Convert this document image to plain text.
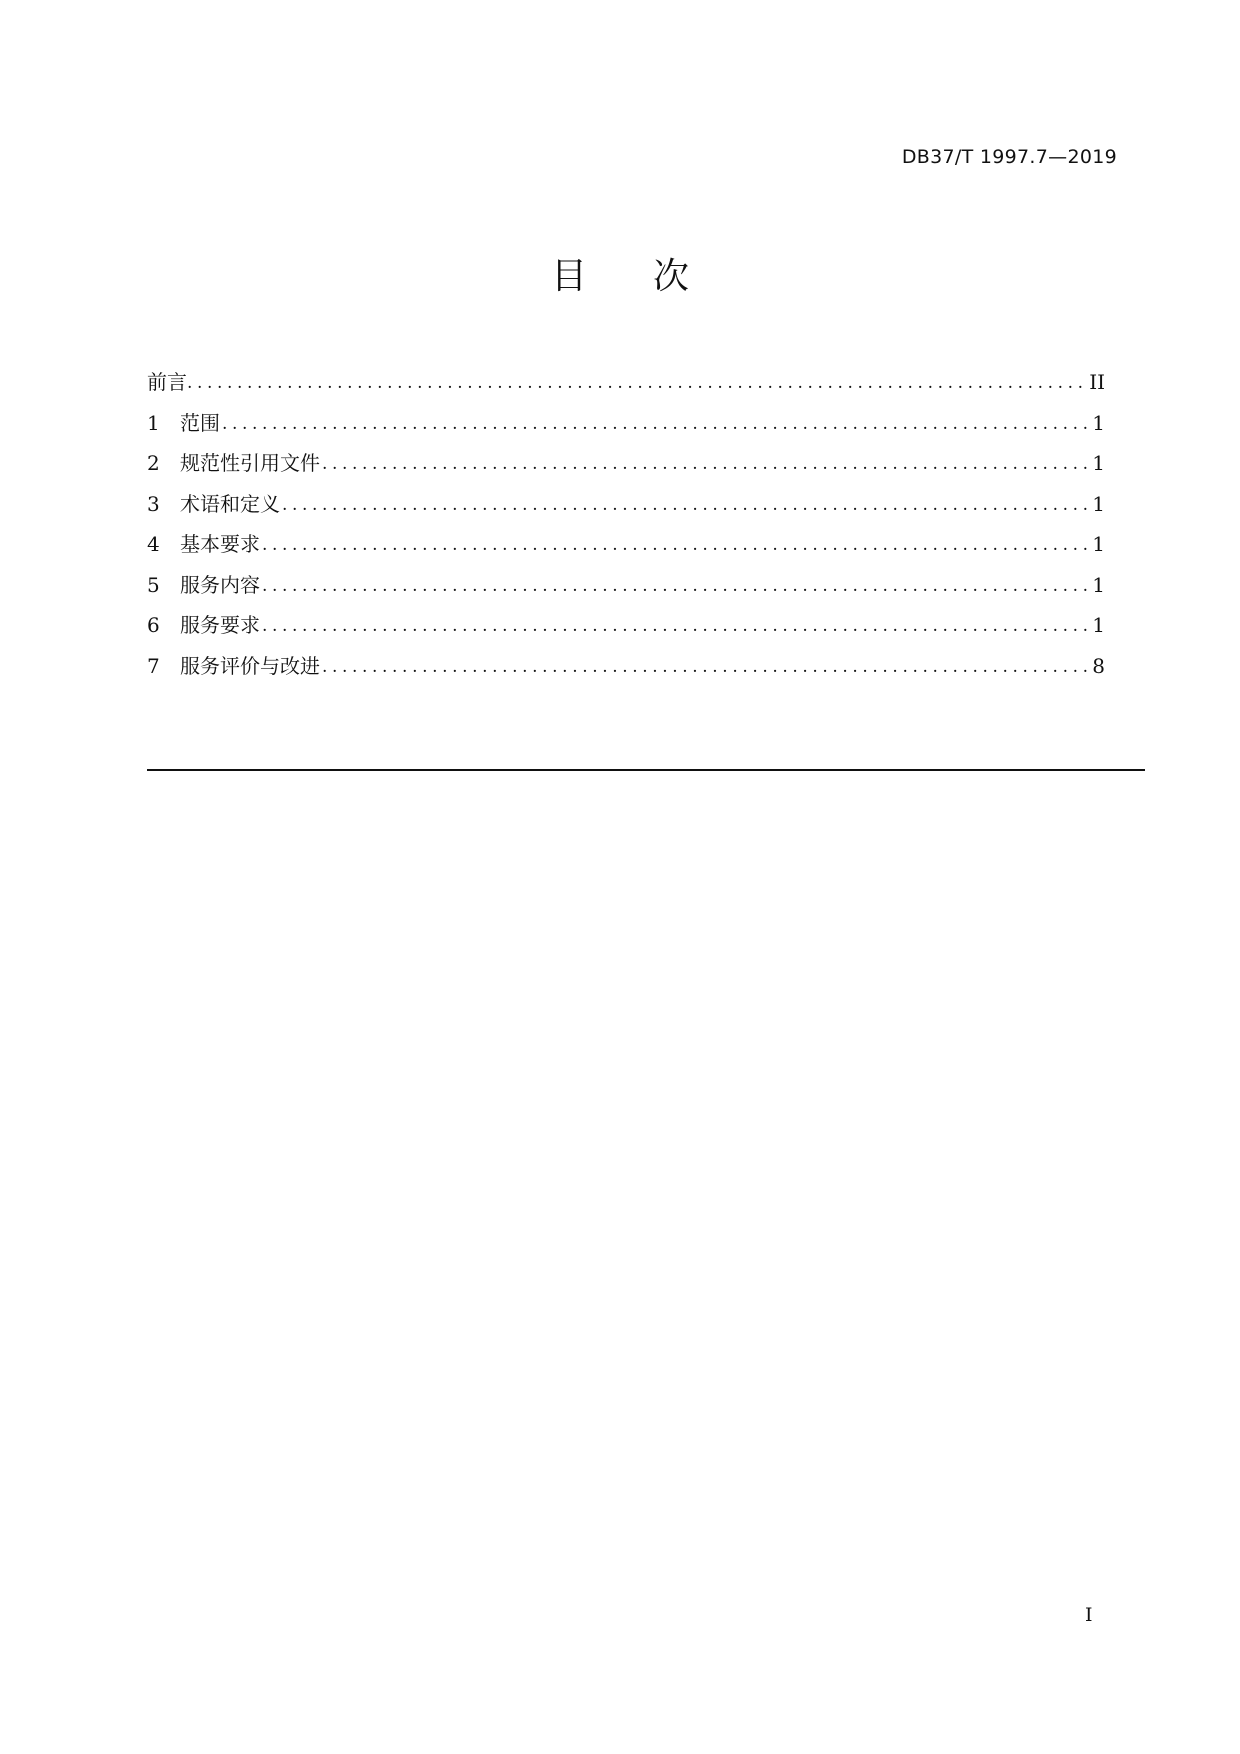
DB37/T 1997.7—2019
目 次
前言 . . .	II
1	范围 . . .	1
2	规范性引用文件 . . .	1
3	术语和定义 . . .	1
4	基本要求 . . .	1
5	服务内容 . . .	1
6	服务要求 . . .	1
7	服务评价与改进 . . .	8
I
